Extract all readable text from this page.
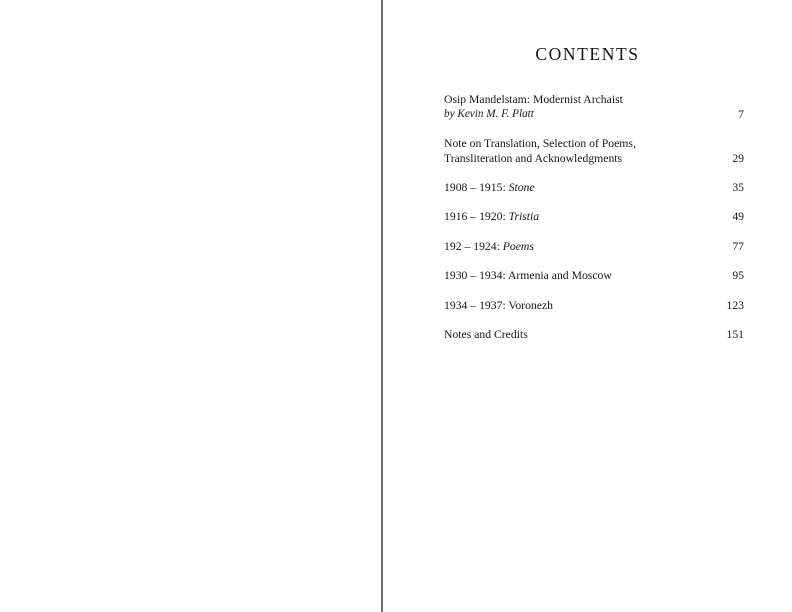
CONTENTS
Osip Mandelstam: Modernist Archaist
by Kevin M. F. Platt	7
Note on Translation, Selection of Poems,
Transliteration and Acknowledgments	29
1908 – 1915: Stone	35
1916 – 1920: Tristia	49
192 – 1924: Poems	77
1930 – 1934: Armenia and Moscow	95
1934 – 1937: Voronezh	123
Notes and Credits	151
